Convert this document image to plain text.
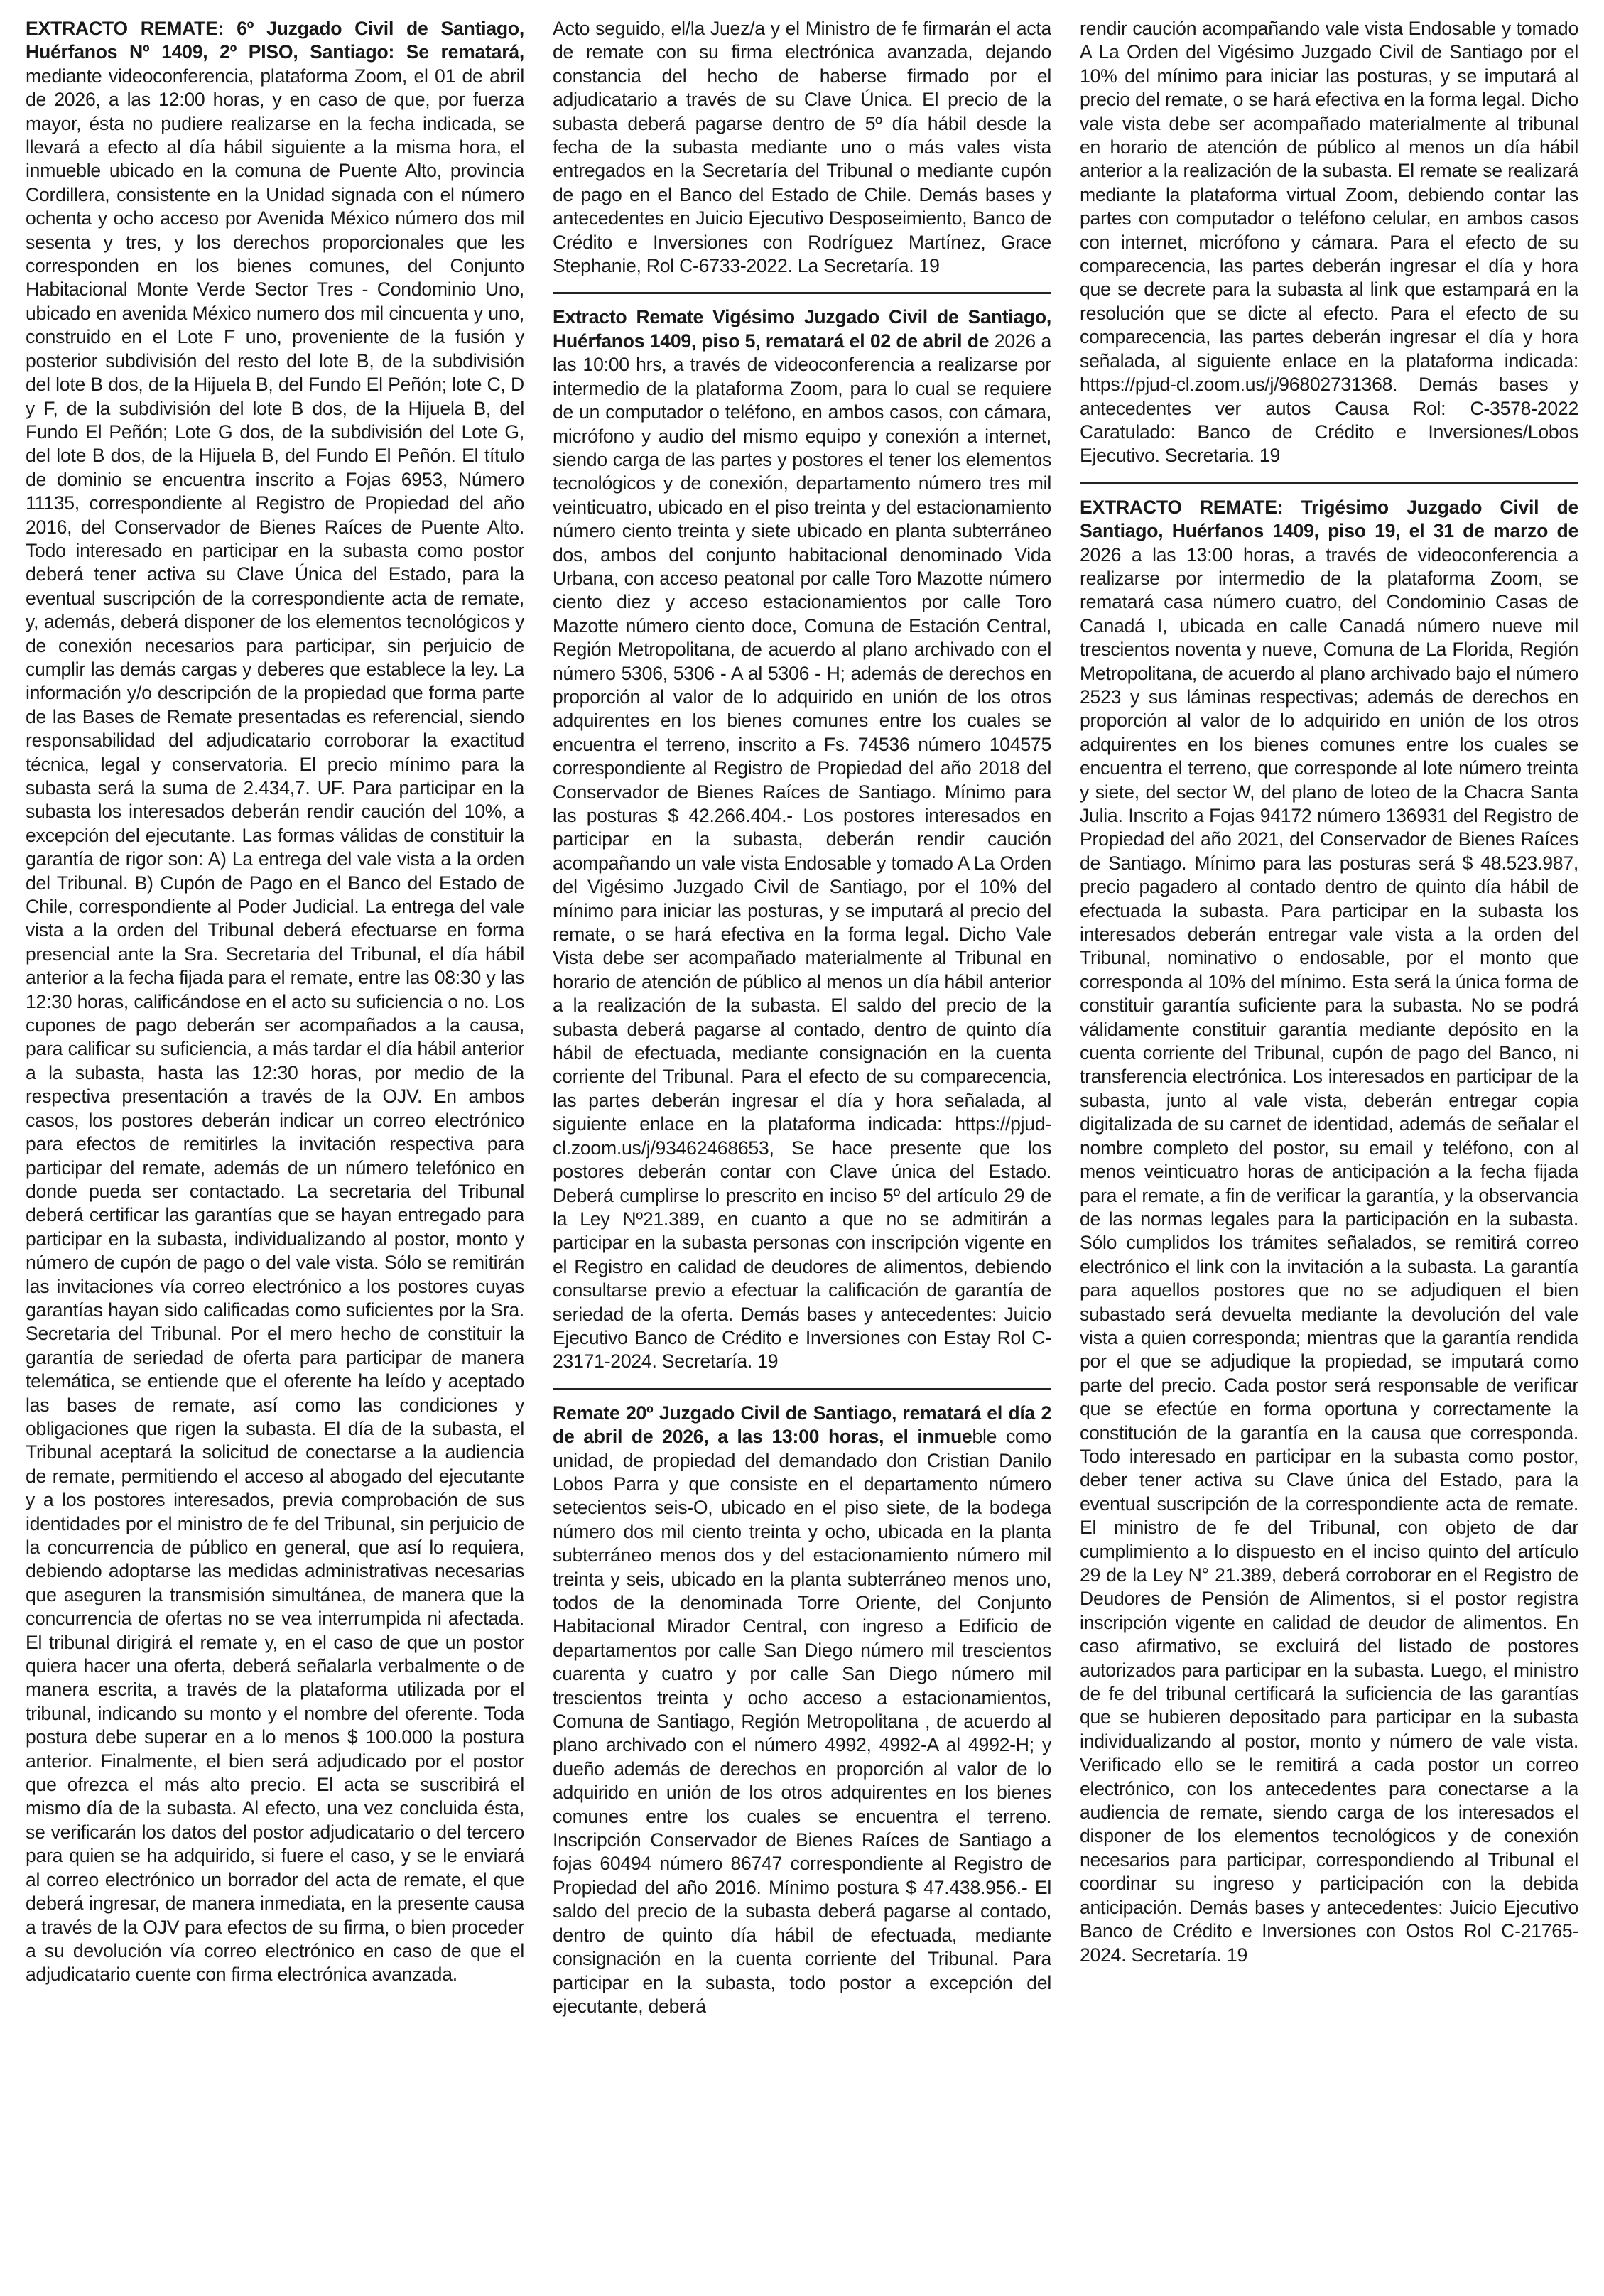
EXTRACTO REMATE: 6º Juzgado Civil de Santiago, Huérfanos Nº 1409, 2º PISO, Santiago: Se rematará, mediante videoconferencia, plataforma Zoom, el 01 de abril de 2026, a las 12:00 horas, y en caso de que, por fuerza mayor, ésta no pudiere realizarse en la fecha indicada, se llevará a efecto al día hábil siguiente a la misma hora, el inmueble ubicado en la comuna de Puente Alto, provincia Cordillera, consistente en la Unidad signada con el número ochenta y ocho acceso por Avenida México número dos mil sesenta y tres, y los derechos proporcionales que les corresponden en los bienes comunes, del Conjunto Habitacional Monte Verde Sector Tres - Condominio Uno, ubicado en avenida México numero dos mil cincuenta y uno, construido en el Lote F uno, proveniente de la fusión y posterior subdivisión del resto del lote B, de la subdivisión del lote B dos, de la Hijuela B, del Fundo El Peñón; lote C, D y F, de la subdivisión del lote B dos, de la Hijuela B, del Fundo El Peñón; Lote G dos, de la subdivisión del Lote G, del lote B dos, de la Hijuela B, del Fundo El Peñón. El título de dominio se encuentra inscrito a Fojas 6953, Número 11135, correspondiente al Registro de Propiedad del año 2016, del Conservador de Bienes Raíces de Puente Alto. Todo interesado en participar en la subasta como postor deberá tener activa su Clave Única del Estado, para la eventual suscripción de la correspondiente acta de remate, y, además, deberá disponer de los elementos tecnológicos y de conexión necesarios para participar, sin perjuicio de cumplir las demás cargas y deberes que establece la ley. La información y/o descripción de la propiedad que forma parte de las Bases de Remate presentadas es referencial, siendo responsabilidad del adjudicatario corroborar la exactitud técnica, legal y conservatoria. El precio mínimo para la subasta será la suma de 2.434,7. UF. Para participar en la subasta los interesados deberán rendir caución del 10%, a excepción del ejecutante. Las formas válidas de constituir la garantía de rigor son: A) La entrega del vale vista a la orden del Tribunal. B) Cupón de Pago en el Banco del Estado de Chile, correspondiente al Poder Judicial. La entrega del vale vista a la orden del Tribunal deberá efectuarse en forma presencial ante la Sra. Secretaria del Tribunal, el día hábil anterior a la fecha fijada para el remate, entre las 08:30 y las 12:30 horas, calificándose en el acto su suficiencia o no. Los cupones de pago deberán ser acompañados a la causa, para calificar su suficiencia, a más tardar el día hábil anterior a la subasta, hasta las 12:30 horas, por medio de la respectiva presentación a través de la OJV. En ambos casos, los postores deberán indicar un correo electrónico para efectos de remitirles la invitación respectiva para participar del remate, además de un número telefónico en donde pueda ser contactado. La secretaria del Tribunal deberá certificar las garantías que se hayan entregado para participar en la subasta, individualizando al postor, monto y número de cupón de pago o del vale vista. Sólo se remitirán las invitaciones vía correo electrónico a los postores cuyas garantías hayan sido calificadas como suficientes por la Sra. Secretaria del Tribunal. Por el mero hecho de constituir la garantía de seriedad de oferta para participar de manera telemática, se entiende que el oferente ha leído y aceptado las bases de remate, así como las condiciones y obligaciones que rigen la subasta. El día de la subasta, el Tribunal aceptará la solicitud de conectarse a la audiencia de remate, permitiendo el acceso al abogado del ejecutante y a los postores interesados, previa comprobación de sus identidades por el ministro de fe del Tribunal, sin perjuicio de la concurrencia de público en general, que así lo requiera, debiendo adoptarse las medidas administrativas necesarias que aseguren la transmisión simultánea, de manera que la concurrencia de ofertas no se vea interrumpida ni afectada. El tribunal dirigirá el remate y, en el caso de que un postor quiera hacer una oferta, deberá señalarla verbalmente o de manera escrita, a través de la plataforma utilizada por el tribunal, indicando su monto y el nombre del oferente. Toda postura debe superar en a lo menos $ 100.000 la postura anterior. Finalmente, el bien será adjudicado por el postor que ofrezca el más alto precio. El acta se suscribirá el mismo día de la subasta. Al efecto, una vez concluida ésta, se verificarán los datos del postor adjudicatario o del tercero para quien se ha adquirido, si fuere el caso, y se le enviará al correo electrónico un borrador del acta de remate, el que deberá ingresar, de manera inmediata, en la presente causa a través de la OJV para efectos de su firma, o bien proceder a su devolución vía correo electrónico en caso de que el adjudicatario cuente con firma electrónica avanzada.

Acto seguido, el/la Juez/a y el Ministro de fe firmarán el acta de remate con su firma electrónica avanzada, dejando constancia del hecho de haberse firmado por el adjudicatario a través de su Clave Única. El precio de la subasta deberá pagarse dentro de 5º día hábil desde la fecha de la subasta mediante uno o más vales vista entregados en la Secretaría del Tribunal o mediante cupón de pago en el Banco del Estado de Chile. Demás bases y antecedentes en Juicio Ejecutivo Desposeimiento, Banco de Crédito e Inversiones con Rodríguez Martínez, Grace Stephanie, Rol C-6733-2022. La Secretaría. 19

Extracto Remate Vigésimo Juzgado Civil de Santiago, Huérfanos 1409, piso 5, rematará el 02 de abril de 2026 a las 10:00 hrs, a través de videoconferencia a realizarse por intermedio de la plataforma Zoom, para lo cual se requiere de un computador o teléfono, en ambos casos, con cámara, micrófono y audio del mismo equipo y conexión a internet, siendo carga de las partes y postores el tener los elementos tecnológicos y de conexión, departamento número tres mil veinticuatro, ubicado en el piso treinta y del estacionamiento número ciento treinta y siete ubicado en planta subterráneo dos, ambos del conjunto habitacional denominado Vida Urbana, con acceso peatonal por calle Toro Mazotte número ciento diez y acceso estacionamientos por calle Toro Mazotte número ciento doce, Comuna de Estación Central, Región Metropolitana, de acuerdo al plano archivado con el número 5306, 5306 - A al 5306 - H; además de derechos en proporción al valor de lo adquirido en unión de los otros adquirentes en los bienes comunes entre los cuales se encuentra el terreno, inscrito a Fs. 74536 número 104575 correspondiente al Registro de Propiedad del año 2018 del Conservador de Bienes Raíces de Santiago. Mínimo para las posturas $ 42.266.404.- Los postores interesados en participar en la subasta, deberán rendir caución acompañando un vale vista Endosable y tomado A La Orden del Vigésimo Juzgado Civil de Santiago, por el 10% del mínimo para iniciar las posturas, y se imputará al precio del remate, o se hará efectiva en la forma legal. Dicho Vale Vista debe ser acompañado materialmente al Tribunal en horario de atención de público al menos un día hábil anterior a la realización de la subasta. El saldo del precio de la subasta deberá pagarse al contado, dentro de quinto día hábil de efectuada, mediante consignación en la cuenta corriente del Tribunal. Para el efecto de su comparecencia, las partes deberán ingresar el día y hora señalada, al siguiente enlace en la plataforma indicada: https://pjud-cl.zoom.us/j/93462468653, Se hace presente que los postores deberán contar con Clave única del Estado. Deberá cumplirse lo prescrito en inciso 5º del artículo 29 de la Ley Nº21.389, en cuanto a que no se admitirán a participar en la subasta personas con inscripción vigente en el Registro en calidad de deudores de alimentos, debiendo consultarse previo a efectuar la calificación de garantía de seriedad de la oferta. Demás bases y antecedentes: Juicio Ejecutivo Banco de Crédito e Inversiones con Estay Rol C-23171-2024. Secretaría. 19

Remate 20º Juzgado Civil de Santiago, rematará el día 2 de abril de 2026, a las 13:00 horas, el inmueble como unidad, de propiedad del demandado don Cristian Danilo Lobos Parra y que consiste en el departamento número setecientos seis-O, ubicado en el piso siete, de la bodega número dos mil ciento treinta y ocho, ubicada en la planta subterráneo menos dos y del estacionamiento número mil treinta y seis, ubicado en la planta subterráneo menos uno, todos de la denominada Torre Oriente, del Conjunto Habitacional Mirador Central, con ingreso a Edificio de departamentos por calle San Diego número mil trescientos cuarenta y cuatro y por calle San Diego número mil trescientos treinta y ocho acceso a estacionamientos, Comuna de Santiago, Región Metropolitana , de acuerdo al plano archivado con el número 4992, 4992-A al 4992-H; y dueño además de derechos en proporción al valor de lo adquirido en unión de los otros adquirentes en los bienes comunes entre los cuales se encuentra el terreno. Inscripción Conservador de Bienes Raíces de Santiago a fojas 60494 número 86747 correspondiente al Registro de Propiedad del año 2016. Mínimo postura $ 47.438.956.- El saldo del precio de la subasta deberá pagarse al contado, dentro de quinto día hábil de efectuada, mediante consignación en la cuenta corriente del Tribunal. Para participar en la subasta, todo postor a excepción del ejecutante, deberá

rendir caución acompañando vale vista Endosable y tomado A La Orden del Vigésimo Juzgado Civil de Santiago por el 10% del mínimo para iniciar las posturas, y se imputará al precio del remate, o se hará efectiva en la forma legal. Dicho vale vista debe ser acompañado materialmente al tribunal en horario de atención de público al menos un día hábil anterior a la realización de la subasta. El remate se realizará mediante la plataforma virtual Zoom, debiendo contar las partes con computador o teléfono celular, en ambos casos con internet, micrófono y cámara. Para el efecto de su comparecencia, las partes deberán ingresar el día y hora que se decrete para la subasta al link que estampará en la resolución que se dicte al efecto. Para el efecto de su comparecencia, las partes deberán ingresar el día y hora señalada, al siguiente enlace en la plataforma indicada: https://pjud-cl.zoom.us/j/96802731368. Demás bases y antecedentes ver autos Causa Rol: C-3578-2022 Caratulado: Banco de Crédito e Inversiones/Lobos Ejecutivo. Secretaria. 19

EXTRACTO REMATE: Trigésimo Juzgado Civil de Santiago, Huérfanos 1409, piso 19, el 31 de marzo de 2026 a las 13:00 horas, a través de videoconferencia a realizarse por intermedio de la plataforma Zoom, se rematará casa número cuatro, del Condominio Casas de Canadá I, ubicada en calle Canadá número nueve mil trescientos noventa y nueve, Comuna de La Florida, Región Metropolitana, de acuerdo al plano archivado bajo el número 2523 y sus láminas respectivas; además de derechos en proporción al valor de lo adquirido en unión de los otros adquirentes en los bienes comunes entre los cuales se encuentra el terreno, que corresponde al lote número treinta y siete, del sector W, del plano de loteo de la Chacra Santa Julia. Inscrito a Fojas 94172 número 136931 del Registro de Propiedad del año 2021, del Conservador de Bienes Raíces de Santiago. Mínimo para las posturas será $ 48.523.987, precio pagadero al contado dentro de quinto día hábil de efectuada la subasta. Para participar en la subasta los interesados deberán entregar vale vista a la orden del Tribunal, nominativo o endosable, por el monto que corresponda al 10% del mínimo. Esta será la única forma de constituir garantía suficiente para la subasta. No se podrá válidamente constituir garantía mediante depósito en la cuenta corriente del Tribunal, cupón de pago del Banco, ni transferencia electrónica. Los interesados en participar de la subasta, junto al vale vista, deberán entregar copia digitalizada de su carnet de identidad, además de señalar el nombre completo del postor, su email y teléfono, con al menos veinticuatro horas de anticipación a la fecha fijada para el remate, a fin de verificar la garantía, y la observancia de las normas legales para la participación en la subasta. Sólo cumplidos los trámites señalados, se remitirá correo electrónico el link con la invitación a la subasta. La garantía para aquellos postores que no se adjudiquen el bien subastado será devuelta mediante la devolución del vale vista a quien corresponda; mientras que la garantía rendida por el que se adjudique la propiedad, se imputará como parte del precio. Cada postor será responsable de verificar que se efectúe en forma oportuna y correctamente la constitución de la garantía en la causa que corresponda. Todo interesado en participar en la subasta como postor, deber tener activa su Clave única del Estado, para la eventual suscripción de la correspondiente acta de remate. El ministro de fe del Tribunal, con objeto de dar cumplimiento a lo dispuesto en el inciso quinto del artículo 29 de la Ley N° 21.389, deberá corroborar en el Registro de Deudores de Pensión de Alimentos, si el postor registra inscripción vigente en calidad de deudor de alimentos. En caso afirmativo, se excluirá del listado de postores autorizados para participar en la subasta. Luego, el ministro de fe del tribunal certificará la suficiencia de las garantías que se hubieren depositado para participar en la subasta individualizando al postor, monto y número de vale vista. Verificado ello se le remitirá a cada postor un correo electrónico, con los antecedentes para conectarse a la audiencia de remate, siendo carga de los interesados el disponer de los elementos tecnológicos y de conexión necesarios para participar, correspondiendo al Tribunal el coordinar su ingreso y participación con la debida anticipación. Demás bases y antecedentes: Juicio Ejecutivo Banco de Crédito e Inversiones con Ostos Rol C-21765-2024. Secretaría. 19
